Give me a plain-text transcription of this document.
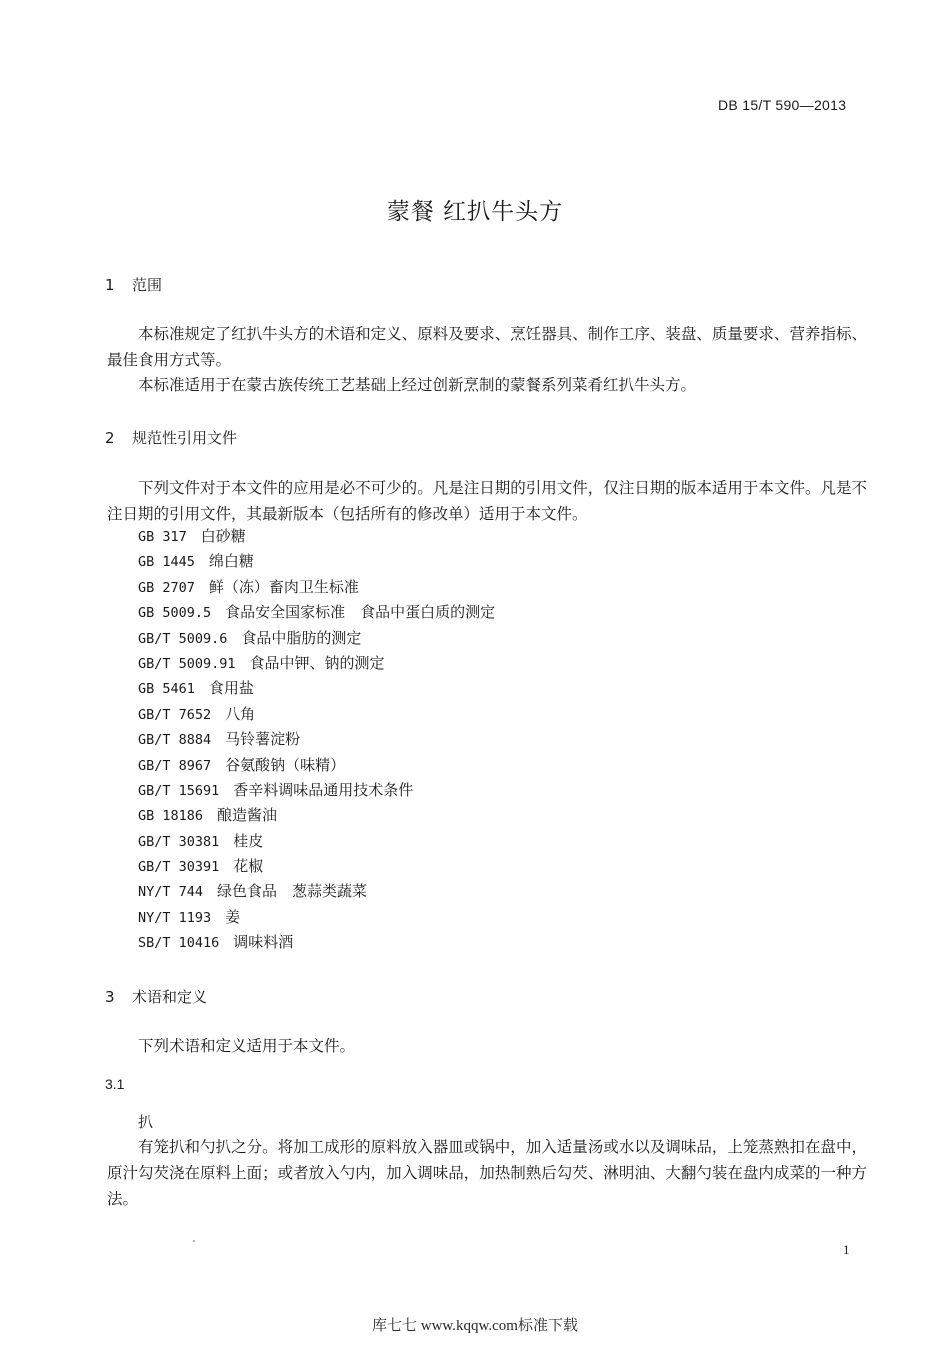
DB 15/T 590—2013
蒙餐 红扒牛头方
1 范围
本标准规定了红扒牛头方的术语和定义、原料及要求、烹饪器具、制作工序、装盘、质量要求、营养指标、最佳食用方式等。
本标准适用于在蒙古族传统工艺基础上经过创新烹制的蒙餐系列菜肴红扒牛头方。
2 规范性引用文件
下列文件对于本文件的应用是必不可少的。凡是注日期的引用文件，仅注日期的版本适用于本文件。凡是不注日期的引用文件，其最新版本（包括所有的修改单）适用于本文件。
GB 317 白砂糖
GB 1445 绵白糖
GB 2707 鲜（冻）畜肉卫生标准
GB 5009.5 食品安全国家标准　食品中蛋白质的测定
GB/T 5009.6 食品中脂肪的测定
GB/T 5009.91 食品中钾、钠的测定
GB 5461 食用盐
GB/T 7652 八角
GB/T 8884 马铃薯淀粉
GB/T 8967 谷氨酸钠（味精）
GB/T 15691 香辛料调味品通用技术条件
GB 18186 酿造酱油
GB/T 30381 桂皮
GB/T 30391 花椒
NY/T 744 绿色食品　葱蒜类蔬菜
NY/T 1193 姜
SB/T 10416 调味料酒
3 术语和定义
下列术语和定义适用于本文件。
3.1
扒
有笼扒和勺扒之分。将加工成形的原料放入器皿或锅中，加入适量汤或水以及调味品，上笼蒸熟扣在盘中，原汁勾芡浇在原料上面；或者放入勺内，加入调味品，加热制熟后勾芡、淋明油、大翻勺装在盘内成菜的一种方法。
1
库七七 www.kqqw.com标准下载
